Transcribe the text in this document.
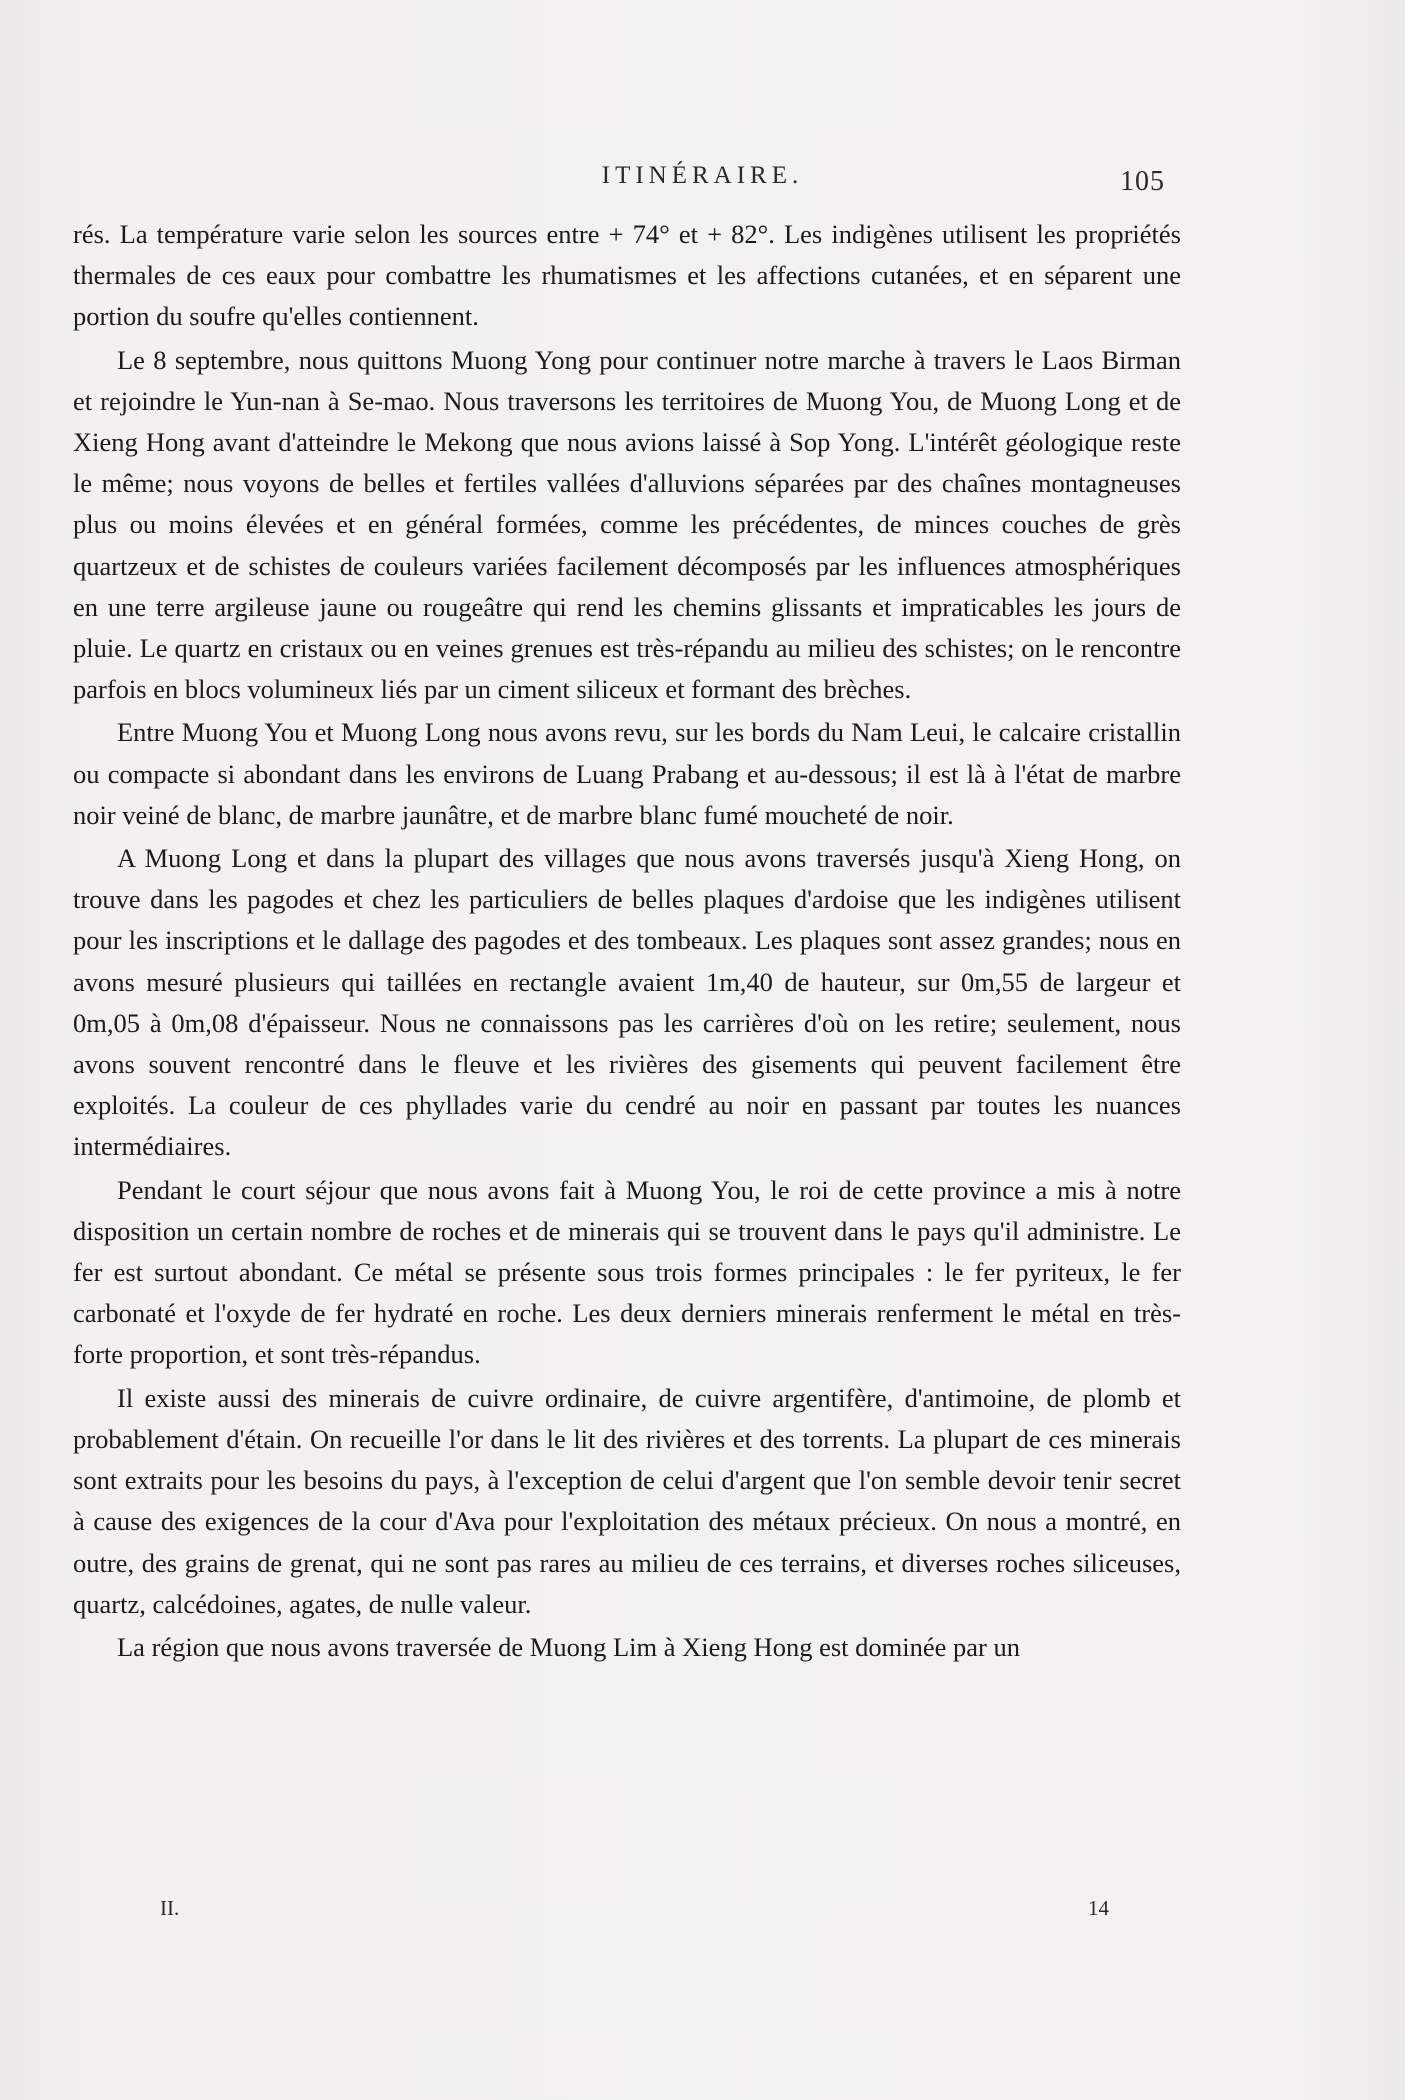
ITINÉRAIRE.	105

rés. La température varie selon les sources entre + 74° et + 82°. Les indigènes utilisent les propriétés thermales de ces eaux pour combattre les rhumatismes et les affections cutanées, et en séparent une portion du soufre qu'elles contiennent.

Le 8 septembre, nous quittons Muong Yong pour continuer notre marche à travers le Laos Birman et rejoindre le Yun-nan à Se-mao. Nous traversons les territoires de Muong You, de Muong Long et de Xieng Hong avant d'atteindre le Mekong que nous avions laissé à Sop Yong. L'intérêt géologique reste le même; nous voyons de belles et fertiles vallées d'alluvions séparées par des chaînes montagneuses plus ou moins élevées et en général formées, comme les précédentes, de minces couches de grès quartzeux et de schistes de couleurs variées facilement décomposés par les influences atmosphériques en une terre argileuse jaune ou rougeâtre qui rend les chemins glissants et impraticables les jours de pluie. Le quartz en cristaux ou en veines grenues est très-répandu au milieu des schistes; on le rencontre parfois en blocs volumineux liés par un ciment siliceux et formant des brèches.

Entre Muong You et Muong Long nous avons revu, sur les bords du Nam Leui, le calcaire cristallin ou compacte si abondant dans les environs de Luang Prabang et au-dessous; il est là à l'état de marbre noir veiné de blanc, de marbre jaunâtre, et de marbre blanc fumé moucheté de noir.

A Muong Long et dans la plupart des villages que nous avons traversés jusqu'à Xieng Hong, on trouve dans les pagodes et chez les particuliers de belles plaques d'ardoise que les indigènes utilisent pour les inscriptions et le dallage des pagodes et des tombeaux. Les plaques sont assez grandes; nous en avons mesuré plusieurs qui taillées en rectangle avaient 1m,40 de hauteur, sur 0m,55 de largeur et 0m,05 à 0m,08 d'épaisseur. Nous ne connaissons pas les carrières d'où on les retire; seulement, nous avons souvent rencontré dans le fleuve et les rivières des gisements qui peuvent facilement être exploités. La couleur de ces phyllades varie du cendré au noir en passant par toutes les nuances intermédiaires.

Pendant le court séjour que nous avons fait à Muong You, le roi de cette province a mis à notre disposition un certain nombre de roches et de minerais qui se trouvent dans le pays qu'il administre. Le fer est surtout abondant. Ce métal se présente sous trois formes principales : le fer pyriteux, le fer carbonaté et l'oxyde de fer hydraté en roche. Les deux derniers minerais renferment le métal en très-forte proportion, et sont très-répandus.

Il existe aussi des minerais de cuivre ordinaire, de cuivre argentifère, d'antimoine, de plomb et probablement d'étain. On recueille l'or dans le lit des rivières et des torrents. La plupart de ces minerais sont extraits pour les besoins du pays, à l'exception de celui d'argent que l'on semble devoir tenir secret à cause des exigences de la cour d'Ava pour l'exploitation des métaux précieux. On nous a montré, en outre, des grains de grenat, qui ne sont pas rares au milieu de ces terrains, et diverses roches siliceuses, quartz, calcédoines, agates, de nulle valeur.

La région que nous avons traversée de Muong Lim à Xieng Hong est dominée par un

II.	14
